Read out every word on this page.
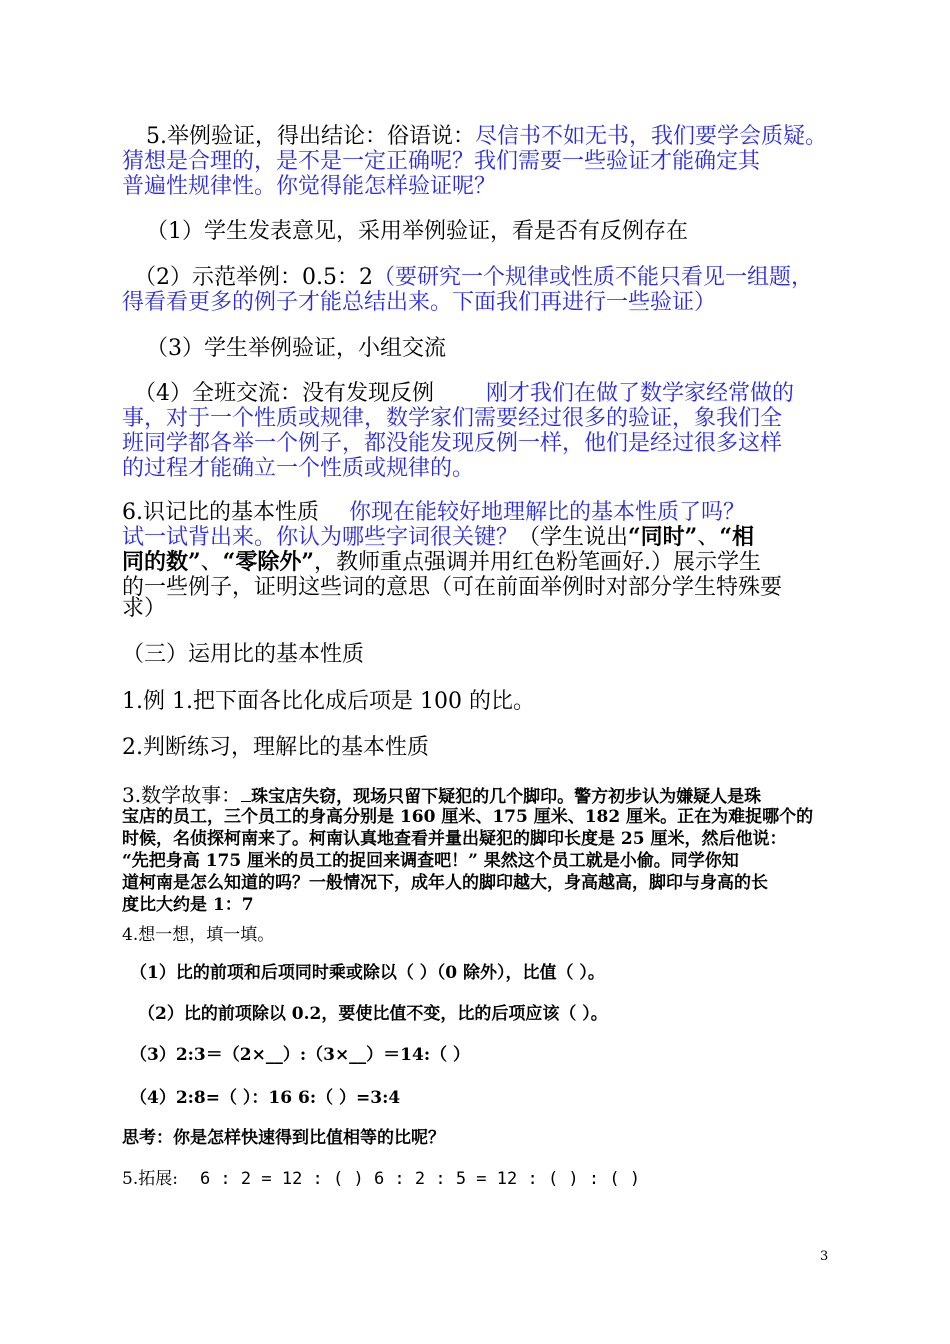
5.举例验证，得出结论：俗语说：尽信书不如无书，我们要学会质疑。
猜想是合理的，是不是一定正确呢？我们需要一些验证才能确定其
普遍性规律性。你觉得能怎样验证呢？
（1）学生发表意见，采用举例验证，看是否有反例存在
（2）示范举例：0.5：2（要研究一个规律或性质不能只看见一组题，
得看看更多的例子才能总结出来。下面我们再进行一些验证）
（3）学生举例验证，小组交流
（4）全班交流：没有发现反例 刚才我们在做了数学家经常做的
事，对于一个性质或规律，数学家们需要经过很多的验证，象我们全
班同学都各举一个例子，都没能发现反例一样，他们是经过很多这样
的过程才能确立一个性质或规律的。
6.识记比的基本性质 你现在能较好地理解比的基本性质了吗？
试一试背出来。你认为哪些字词很关键？（学生说出“同时”、“相
同的数”、“零除外”，教师重点强调并用红色粉笔画好.）展示学生
的一些例子，证明这些词的意思（可在前面举例时对部分学生特殊要
求）
（三）运用比的基本性质
1.例 1.把下面各比化成后项是 100 的比。
2.判断练习，理解比的基本性质
3.数学故事： 珠宝店失窃，现场只留下疑犯的几个脚印。警方初步认为嫌疑人是珠
宝店的员工，三个员工的身高分别是 160 厘米、175 厘米、182 厘米。正在为难捉哪个的
时候，名侦探柯南来了。柯南认真地查看并量出疑犯的脚印长度是 25 厘米，然后他说：
“先把身高 175 厘米的员工的捉回来调查吧！” 果然这个员工就是小偷。同学你知
道柯南是怎么知道的吗？一般情况下，成年人的脚印越大，身高越高，脚印与身高的长
度比大约是 1：7
4.想一想，填一填。
（1）比的前项和后项同时乘或除以（ ）（0 除外），比值（ ）。
（2）比的前项除以 0.2，要使比值不变，比的后项应该（ ）。
（3）2:3＝（2×__）:（3×__）＝14:（ ）
（4）2:8=（ ）：16 6:（ ）=3:4
思考：你是怎样快速得到比值相等的比呢？
5.拓展: 6 : 2 = 12 : ( ) 6 : 2 : 5 = 12 : ( ) : ( )
3
